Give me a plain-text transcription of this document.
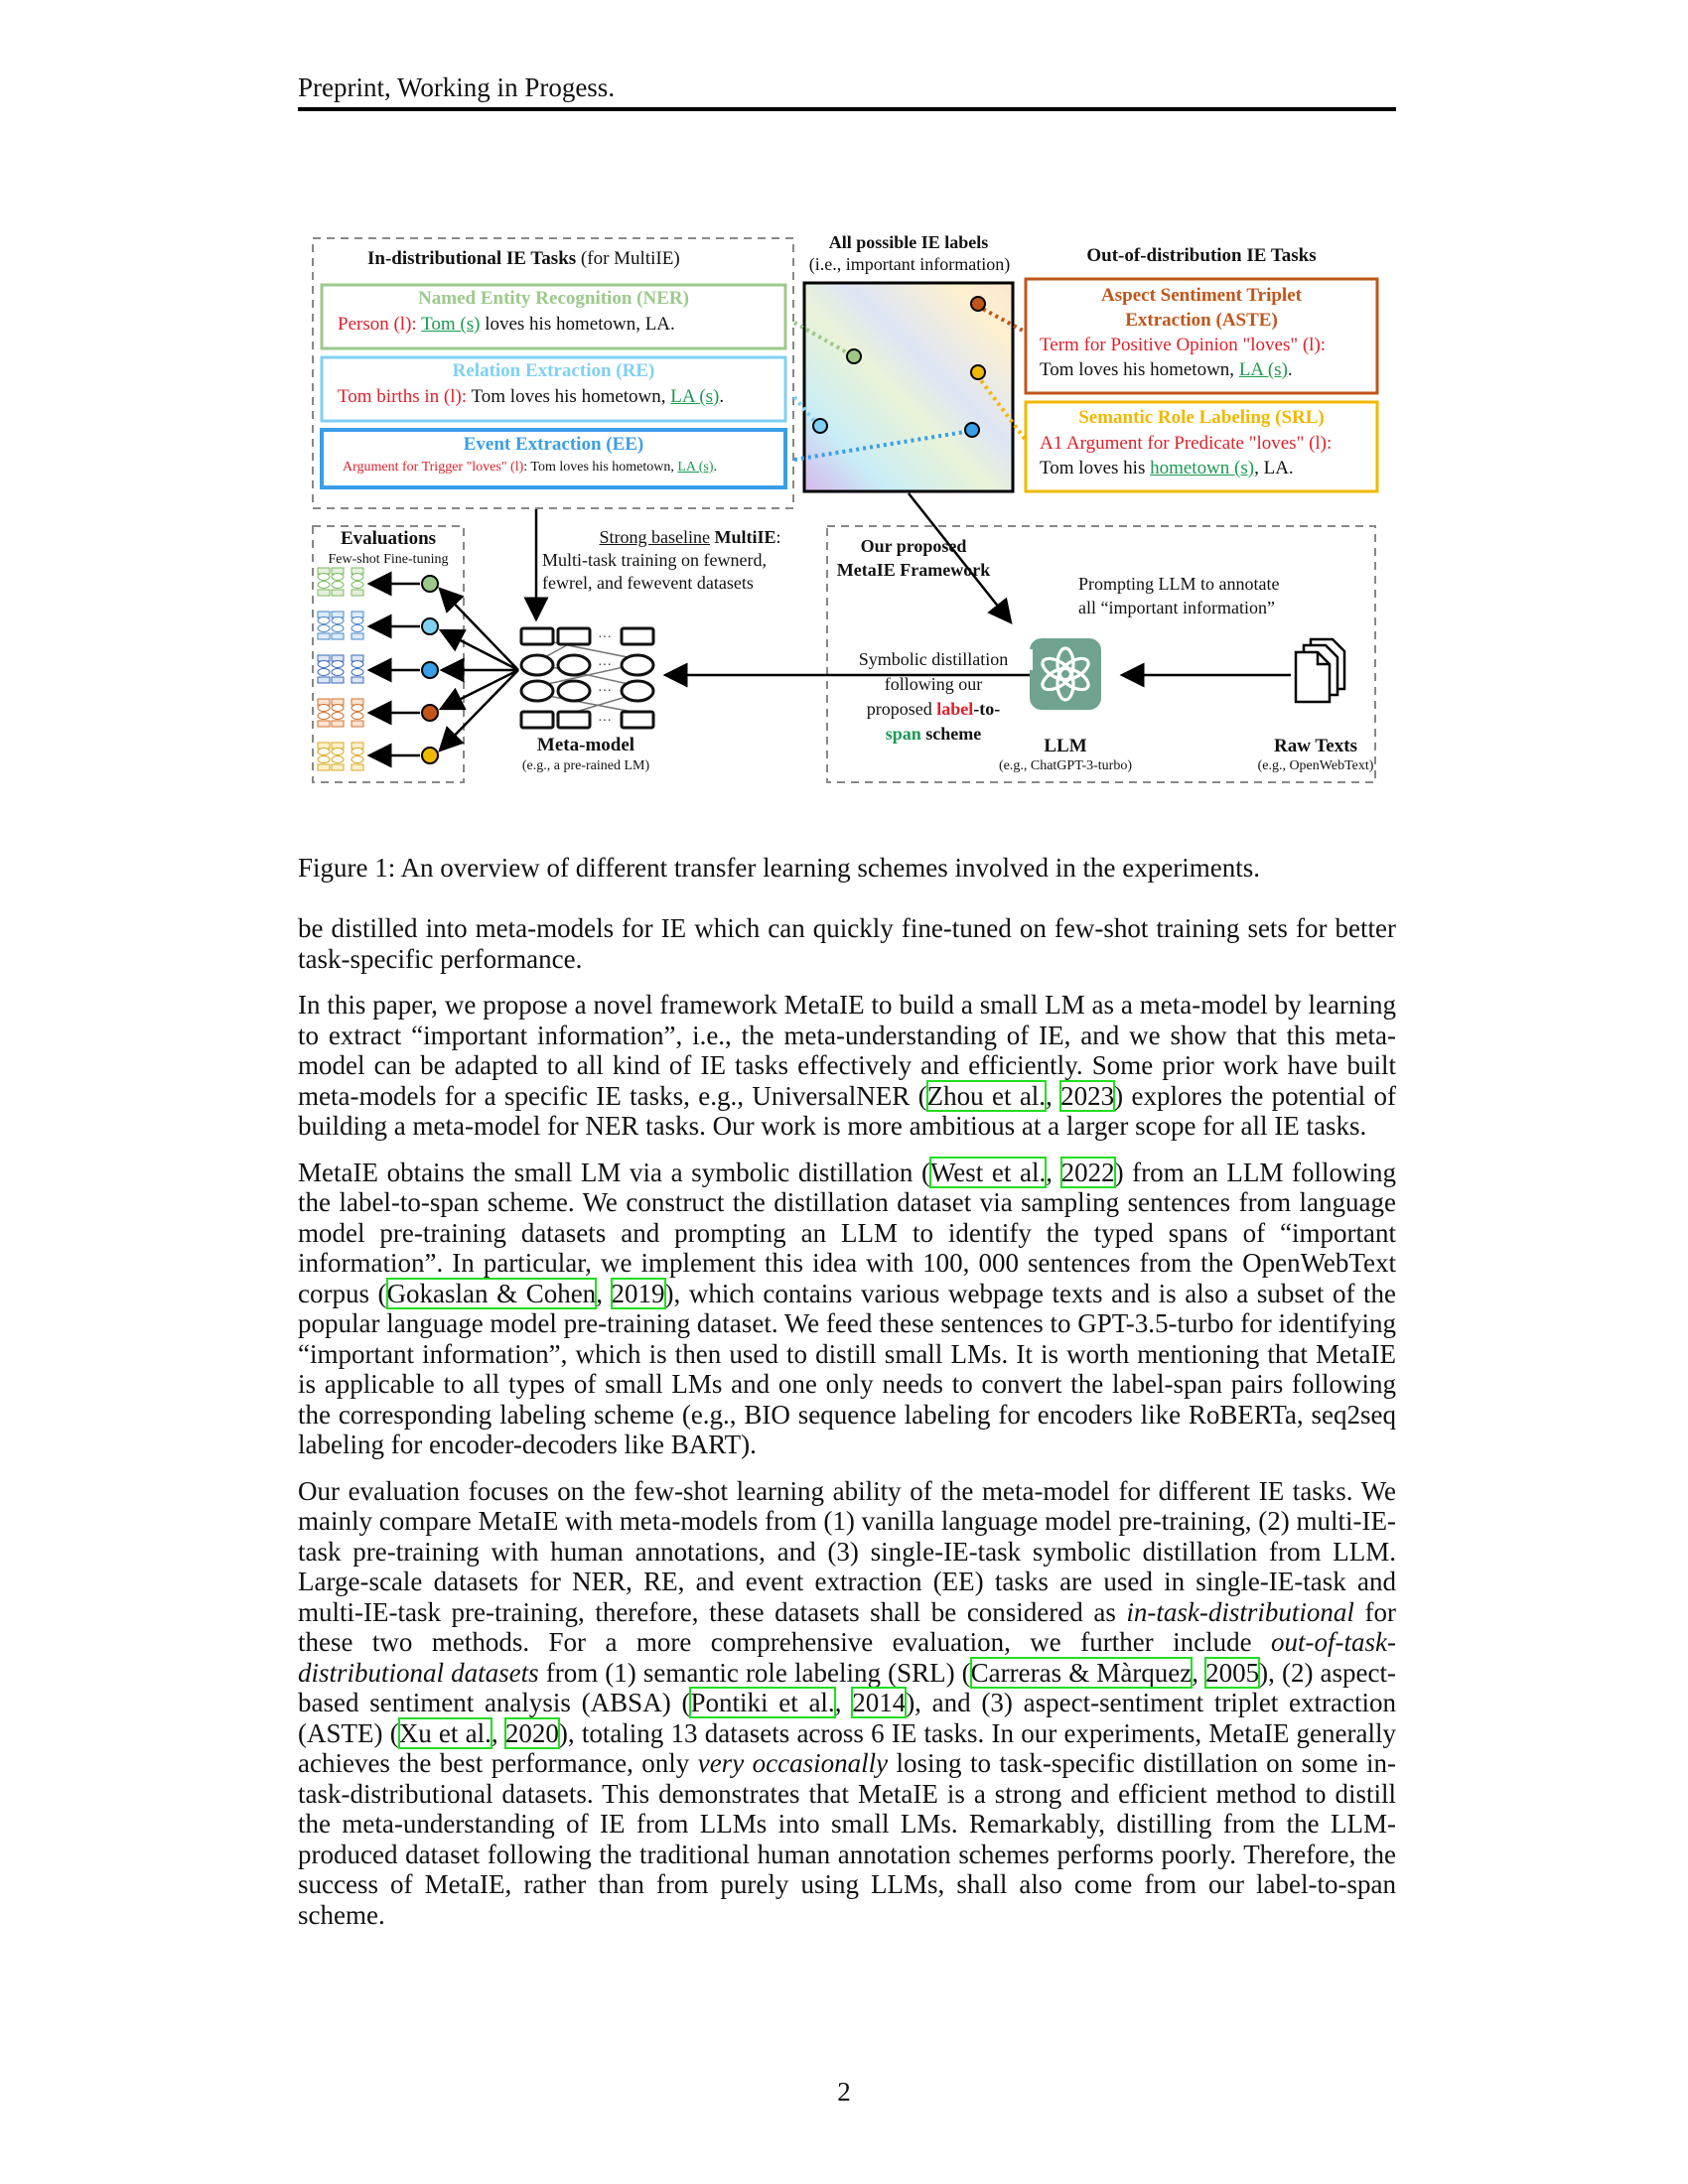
Preprint, Working in Progess.
···
···
···
···
In-distributional IE Tasks (for MultiIE)
Named Entity Recognition (NER)
Person (l): Tom (s) loves his hometown, LA.
Relation Extraction (RE)
Tom births in (l): Tom loves his hometown, LA (s).
Event Extraction (EE)
Argument for Trigger "loves" (l): Tom loves his hometown, LA (s).
All possible IE labels
(i.e., important information)	Out-of-distribution IE Tasks
Aspect Sentiment Triplet
Extraction (ASTE)
Term for Positive Opinion "loves" (l):
Tom loves his hometown, LA (s).
Semantic Role Labeling (SRL)
A1 Argument for Predicate "loves" (l):
Tom loves his hometown (s), LA.
Evaluations
Few-shot Fine-tuning
Strong baseline MultiIE:
Multi-task training on fewnerd,
fewrel, and fewevent datasets
Meta-model
(e.g., a pre-rained LM)
Our proposed
MetaIE Framework
Prompting LLM to annotate
all “important information”
Symbolic distillation
following our
proposed label-to-
span scheme
LLM
(e.g., ChatGPT-3-turbo)
Raw Texts
(e.g., OpenWebText)
Figure 1: An overview of different transfer learning schemes involved in the experiments.

be distilled into meta-models for IE which can quickly fine-tuned on few-shot training sets for better task-specific performance.

In this paper, we propose a novel framework MetaIE to build a small LM as a meta-model by learning to extract “important information”, i.e., the meta-understanding of IE, and we show that this meta-model can be adapted to all kind of IE tasks effectively and efficiently. Some prior work have built meta-models for a specific IE tasks, e.g., UniversalNER (Zhou et al., 2023) explores the potential of building a meta-model for NER tasks. Our work is more ambitious at a larger scope for all IE tasks.

MetaIE obtains the small LM via a symbolic distillation (West et al., 2022) from an LLM following the label-to-span scheme. We construct the distillation dataset via sampling sentences from language model pre-training datasets and prompting an LLM to identify the typed spans of “important information”. In particular, we implement this idea with 100, 000 sentences from the OpenWebText corpus (Gokaslan & Cohen, 2019), which contains various webpage texts and is also a subset of the popular language model pre-training dataset. We feed these sentences to GPT-3.5-turbo for identifying “important information”, which is then used to distill small LMs. It is worth mentioning that MetaIE is applicable to all types of small LMs and one only needs to convert the label-span pairs following the corresponding labeling scheme (e.g., BIO sequence labeling for encoders like RoBERTa, seq2seq labeling for encoder-decoders like BART).

Our evaluation focuses on the few-shot learning ability of the meta-model for different IE tasks. We mainly compare MetaIE with meta-models from (1) vanilla language model pre-training, (2) multi-IE-task pre-training with human annotations, and (3) single-IE-task symbolic distillation from LLM. Large-scale datasets for NER, RE, and event extraction (EE) tasks are used in single-IE-task and multi-IE-task pre-training, therefore, these datasets shall be considered as in-task-distributional for these two methods. For a more comprehensive evaluation, we further include out-of-task-distributional datasets from (1) semantic role labeling (SRL) (Carreras & Màrquez, 2005), (2) aspect-based sentiment analysis (ABSA) (Pontiki et al., 2014), and (3) aspect-sentiment triplet extraction (ASTE) (Xu et al., 2020), totaling 13 datasets across 6 IE tasks. In our experiments, MetaIE generally achieves the best performance, only very occasionally losing to task-specific distillation on some in-task-distributional datasets. This demonstrates that MetaIE is a strong and efficient method to distill the meta-understanding of IE from LLMs into small LMs. Remarkably, distilling from the LLM-produced dataset following the traditional human annotation schemes performs poorly. Therefore, the success of MetaIE, rather than from purely using LLMs, shall also come from our label-to-span scheme.

2
